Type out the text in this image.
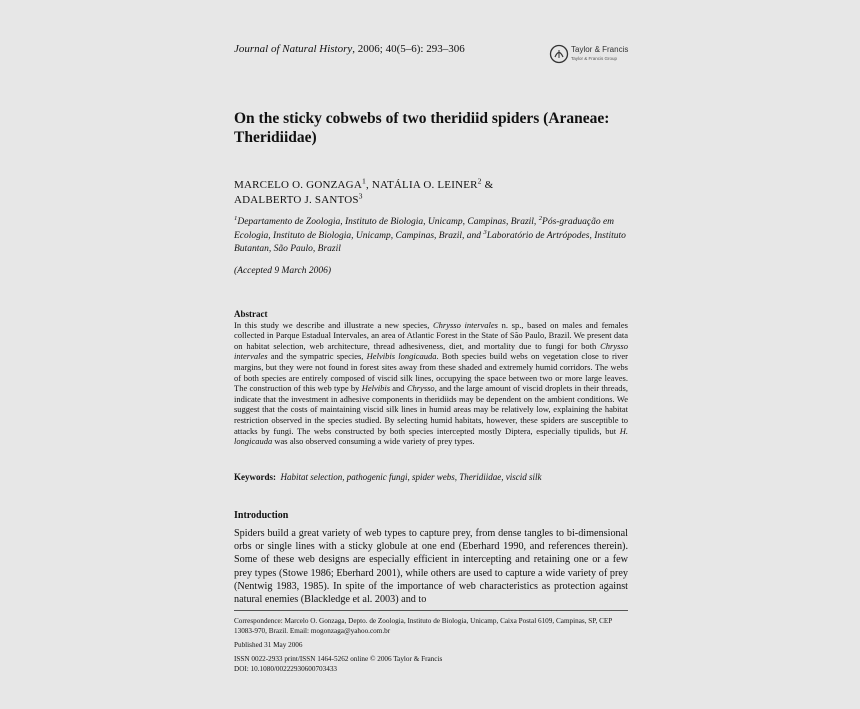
Journal of Natural History, 2006; 40(5–6): 293–306	Taylor & Francis
Taylor & Francis Group
On the sticky cobwebs of two theridiid spiders (Araneae: Theridiidae)
MARCELO O. GONZAGA$^1$, NATÁLIA O. LEINER$^2$ &
ADALBERTO J. SANTOS$^3$
$^1$Departamento de Zoologia, Instituto de Biologia, Unicamp, Campinas, Brazil, $^2$Pós-graduação em Ecologia, Instituto de Biologia, Unicamp, Campinas, Brazil, and $^3$Laboratório de Artrópodes, Instituto Butantan, São Paulo, Brazil
(Accepted 9 March 2006)
Abstract
In this study we describe and illustrate a new species, Chrysso intervales n. sp., based on males and females collected in Parque Estadual Intervales, an area of Atlantic Forest in the State of São Paulo, Brazil. We present data on habitat selection, web architecture, thread adhesiveness, diet, and mortality due to fungi for both Chrysso intervales and the sympatric species, Helvibis longicauda. Both species build webs on vegetation close to river margins, but they were not found in forest sites away from these shaded and extremely humid corridors. The webs of both species are entirely composed of viscid silk lines, occupying the space between two or more large leaves. The construction of this web type by Helvibis and Chrysso, and the large amount of viscid droplets in their threads, indicate that the investment in adhesive components in theridiids may be dependent on the ambient conditions. We suggest that the costs of maintaining viscid silk lines in humid areas may be relatively low, explaining the habitat restriction observed in the species studied. By selecting humid habitats, however, these spiders are susceptible to attacks by fungi. The webs constructed by both species intercepted mostly Diptera, especially tipulids, but H. longicauda was also observed consuming a wide variety of prey types.
Keywords: Habitat selection, pathogenic fungi, spider webs, Theridiidae, viscid silk
Introduction
Spiders build a great variety of web types to capture prey, from dense tangles to bi-dimensional orbs or single lines with a sticky globule at one end (Eberhard 1990, and references therein). Some of these web designs are especially efficient in intercepting and retaining one or a few prey types (Stowe 1986; Eberhard 2001), while others are used to capture a wide variety of prey (Nentwig 1983, 1985). In spite of the importance of web characteristics as protection against natural enemies (Blackledge et al. 2003) and to
Correspondence: Marcelo O. Gonzaga, Depto. de Zoologia, Instituto de Biologia, Unicamp, Caixa Postal 6109, Campinas, SP, CEP 13083-970, Brazil. Email: mogonzaga@yahoo.com.br
Published 31 May 2006
ISSN 0022-2933 print/ISSN 1464-5262 online © 2006 Taylor & Francis
DOI: 10.1080/00222930600703433
